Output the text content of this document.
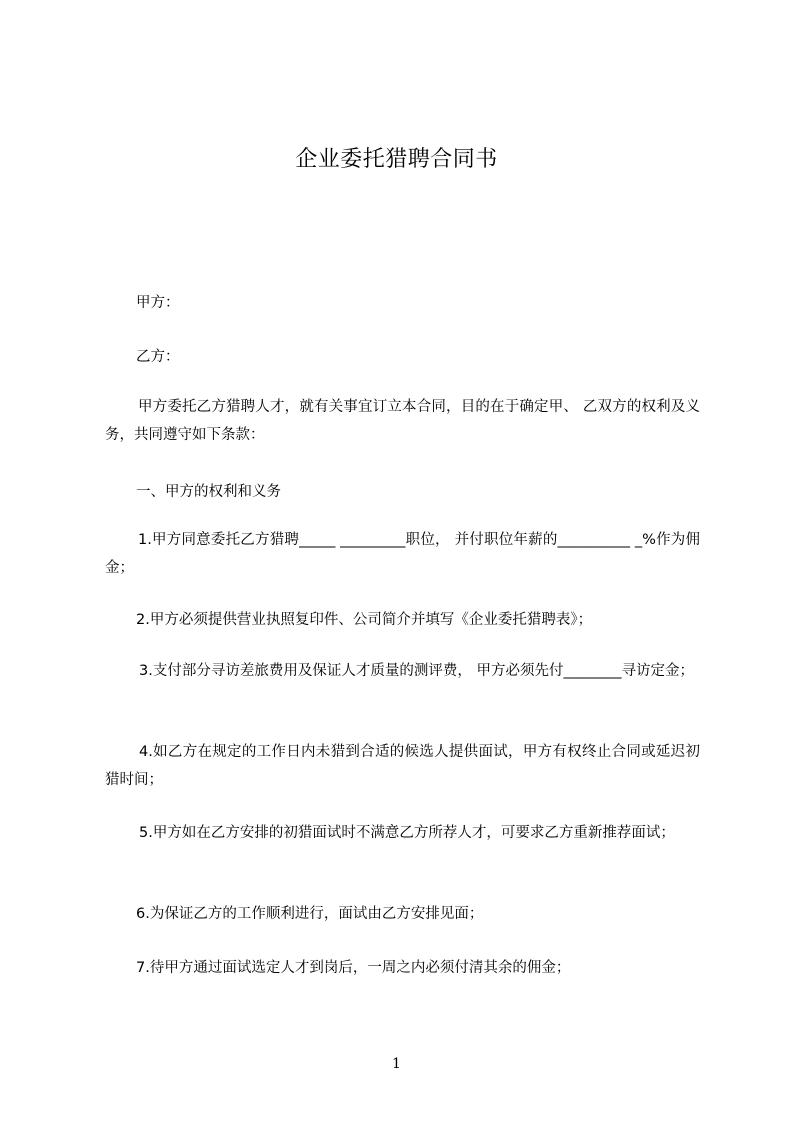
企业委托猎聘合同书
甲方：
乙方：
甲方委托乙方猎聘人才，就有关事宜订立本合同，目的在于确定甲、 乙双方的权利及义务，共同遵守如下条款：
一、甲方的权利和义务
1.甲方同意委托乙方猎聘_____ _________职位， 并付职位年薪的__________ _%作为佣金；
2.甲方必须提供营业执照复印件、公司简介并填写《企业委托猎聘表》；
3.支付部分寻访差旅费用及保证人才质量的测评费， 甲方必须先付________寻访定金；
4.如乙方在规定的工作日内未猎到合适的候选人提供面试，甲方有权终止合同或延迟初猎时间；
5.甲方如在乙方安排的初猎面试时不满意乙方所荐人才，可要求乙方重新推荐面试；
6.为保证乙方的工作顺利进行，面试由乙方安排见面；
7.待甲方通过面试选定人才到岗后，一周之内必须付清其余的佣金；
1
